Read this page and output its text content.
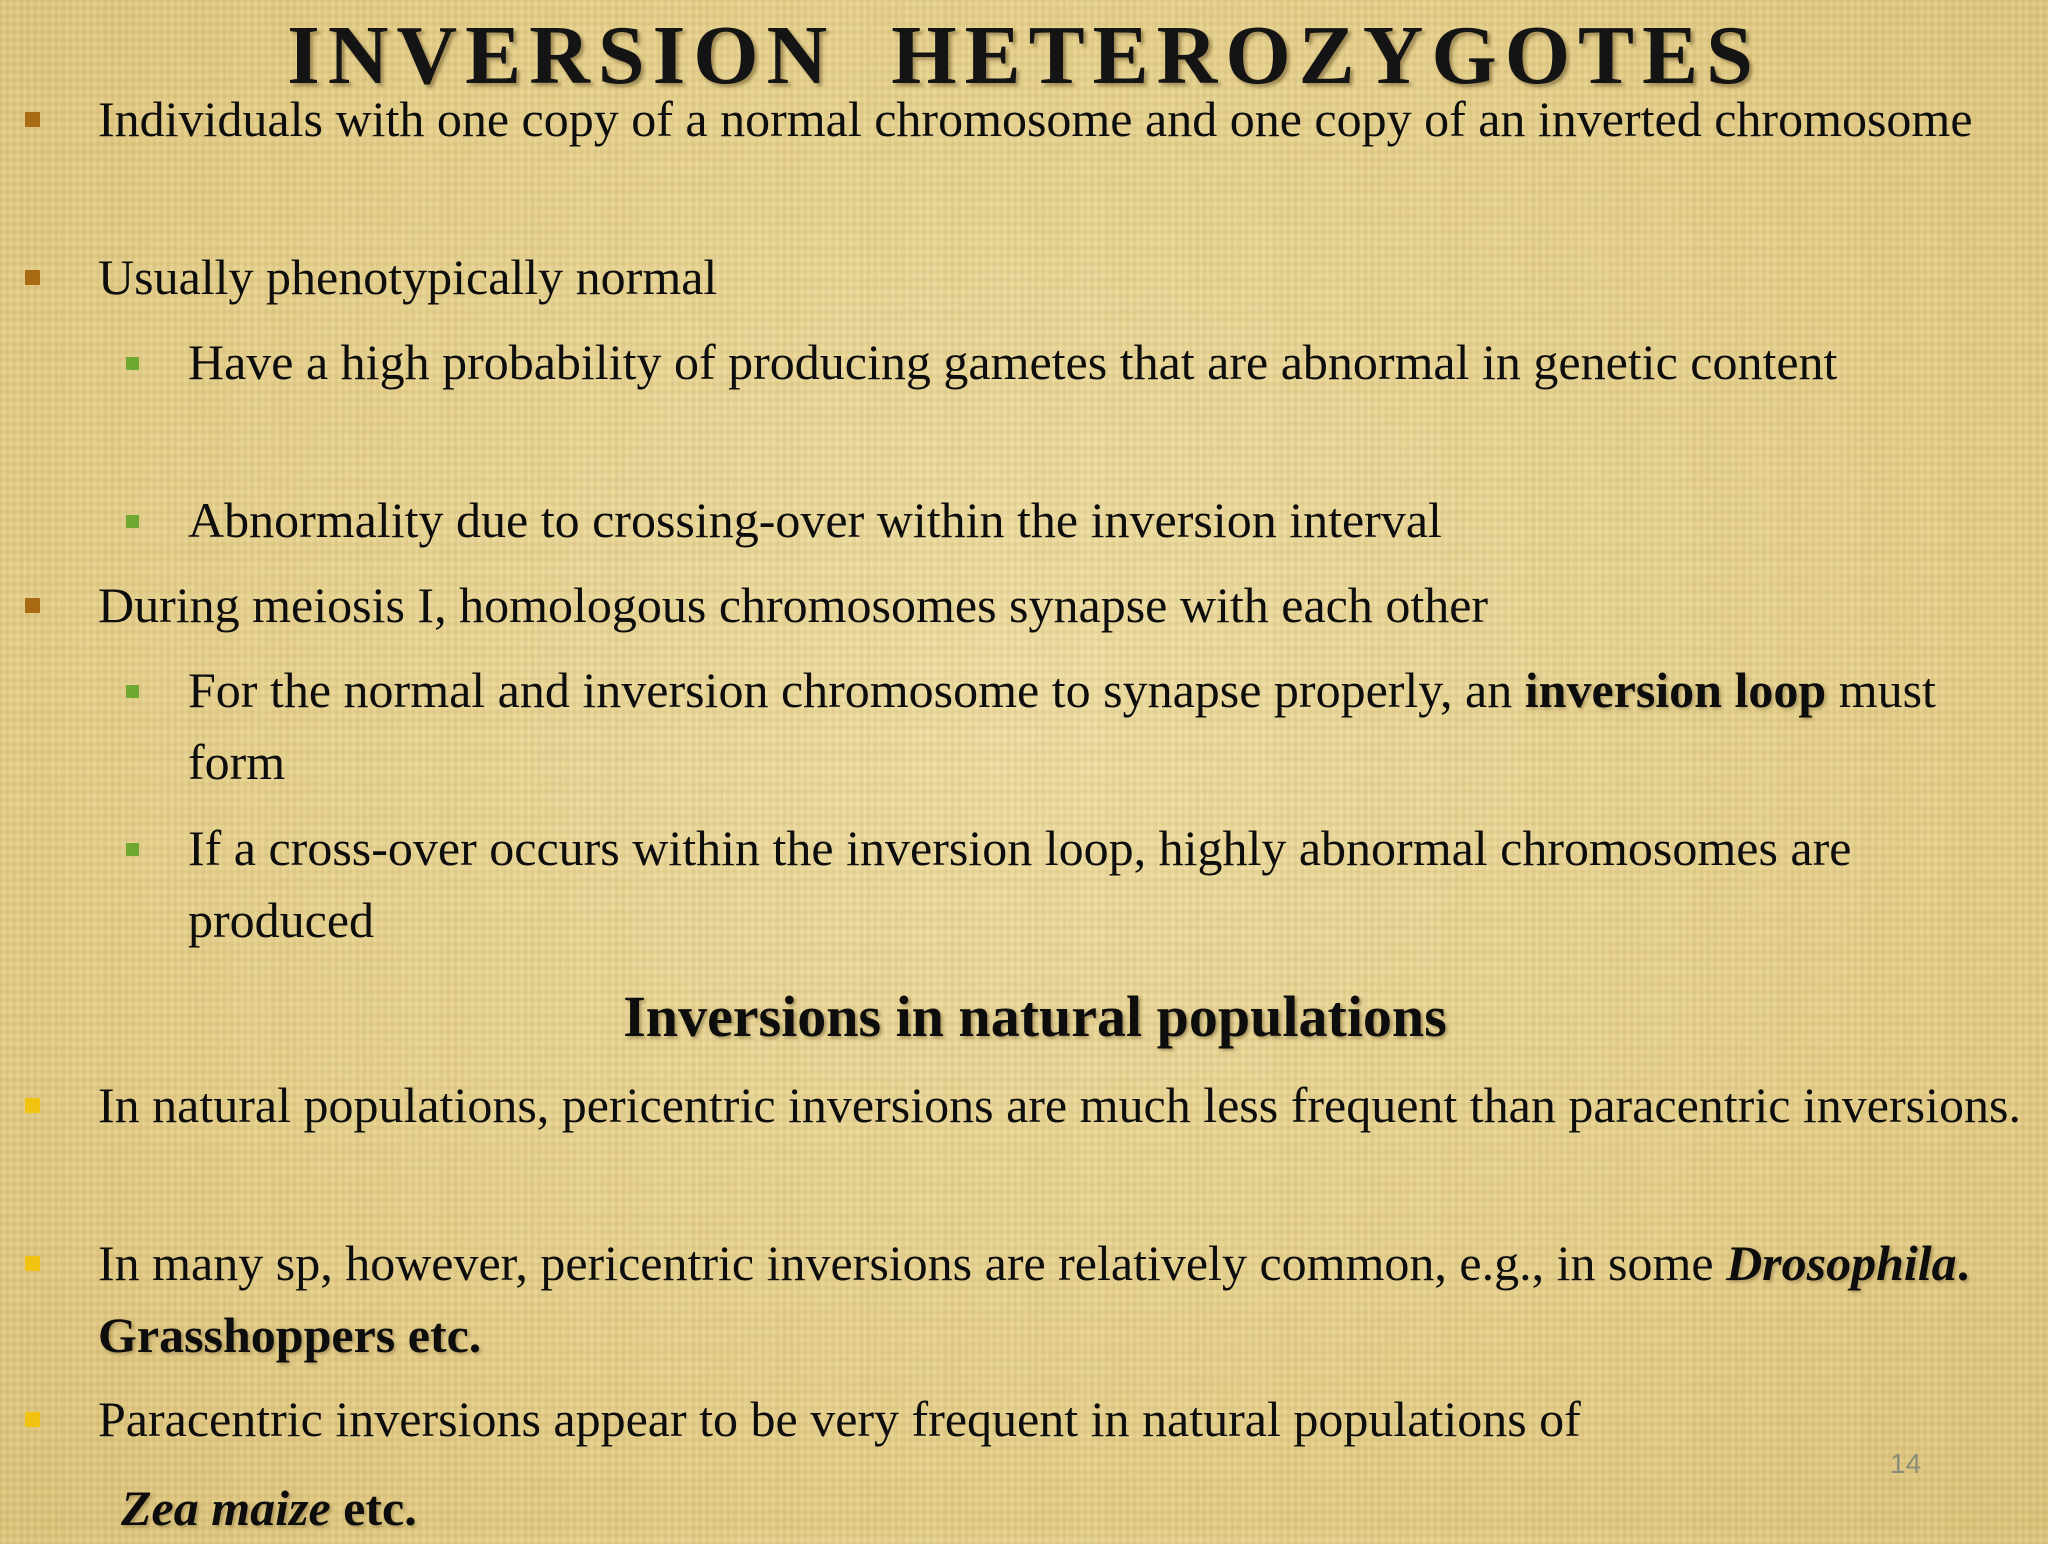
INVERSION HETEROZYGOTES
Individuals with one copy of a normal chromosome and one copy of an inverted chromosome
Usually phenotypically normal
Have a high probability of producing gametes that are abnormal in genetic content
Abnormality due to crossing-over within the inversion interval
During meiosis I, homologous chromosomes synapse with each other
For the normal and inversion chromosome to synapse properly, an inversion loop must form
If a cross-over occurs within the inversion loop, highly abnormal chromosomes are produced
Inversions in natural populations
In natural populations, pericentric inversions are much less frequent than paracentric inversions.
In many sp, however, pericentric inversions are relatively common, e.g., in some Drosophila. Grasshoppers etc.
Paracentric inversions appear to be very frequent in natural populations of
Zea maize etc.
14
